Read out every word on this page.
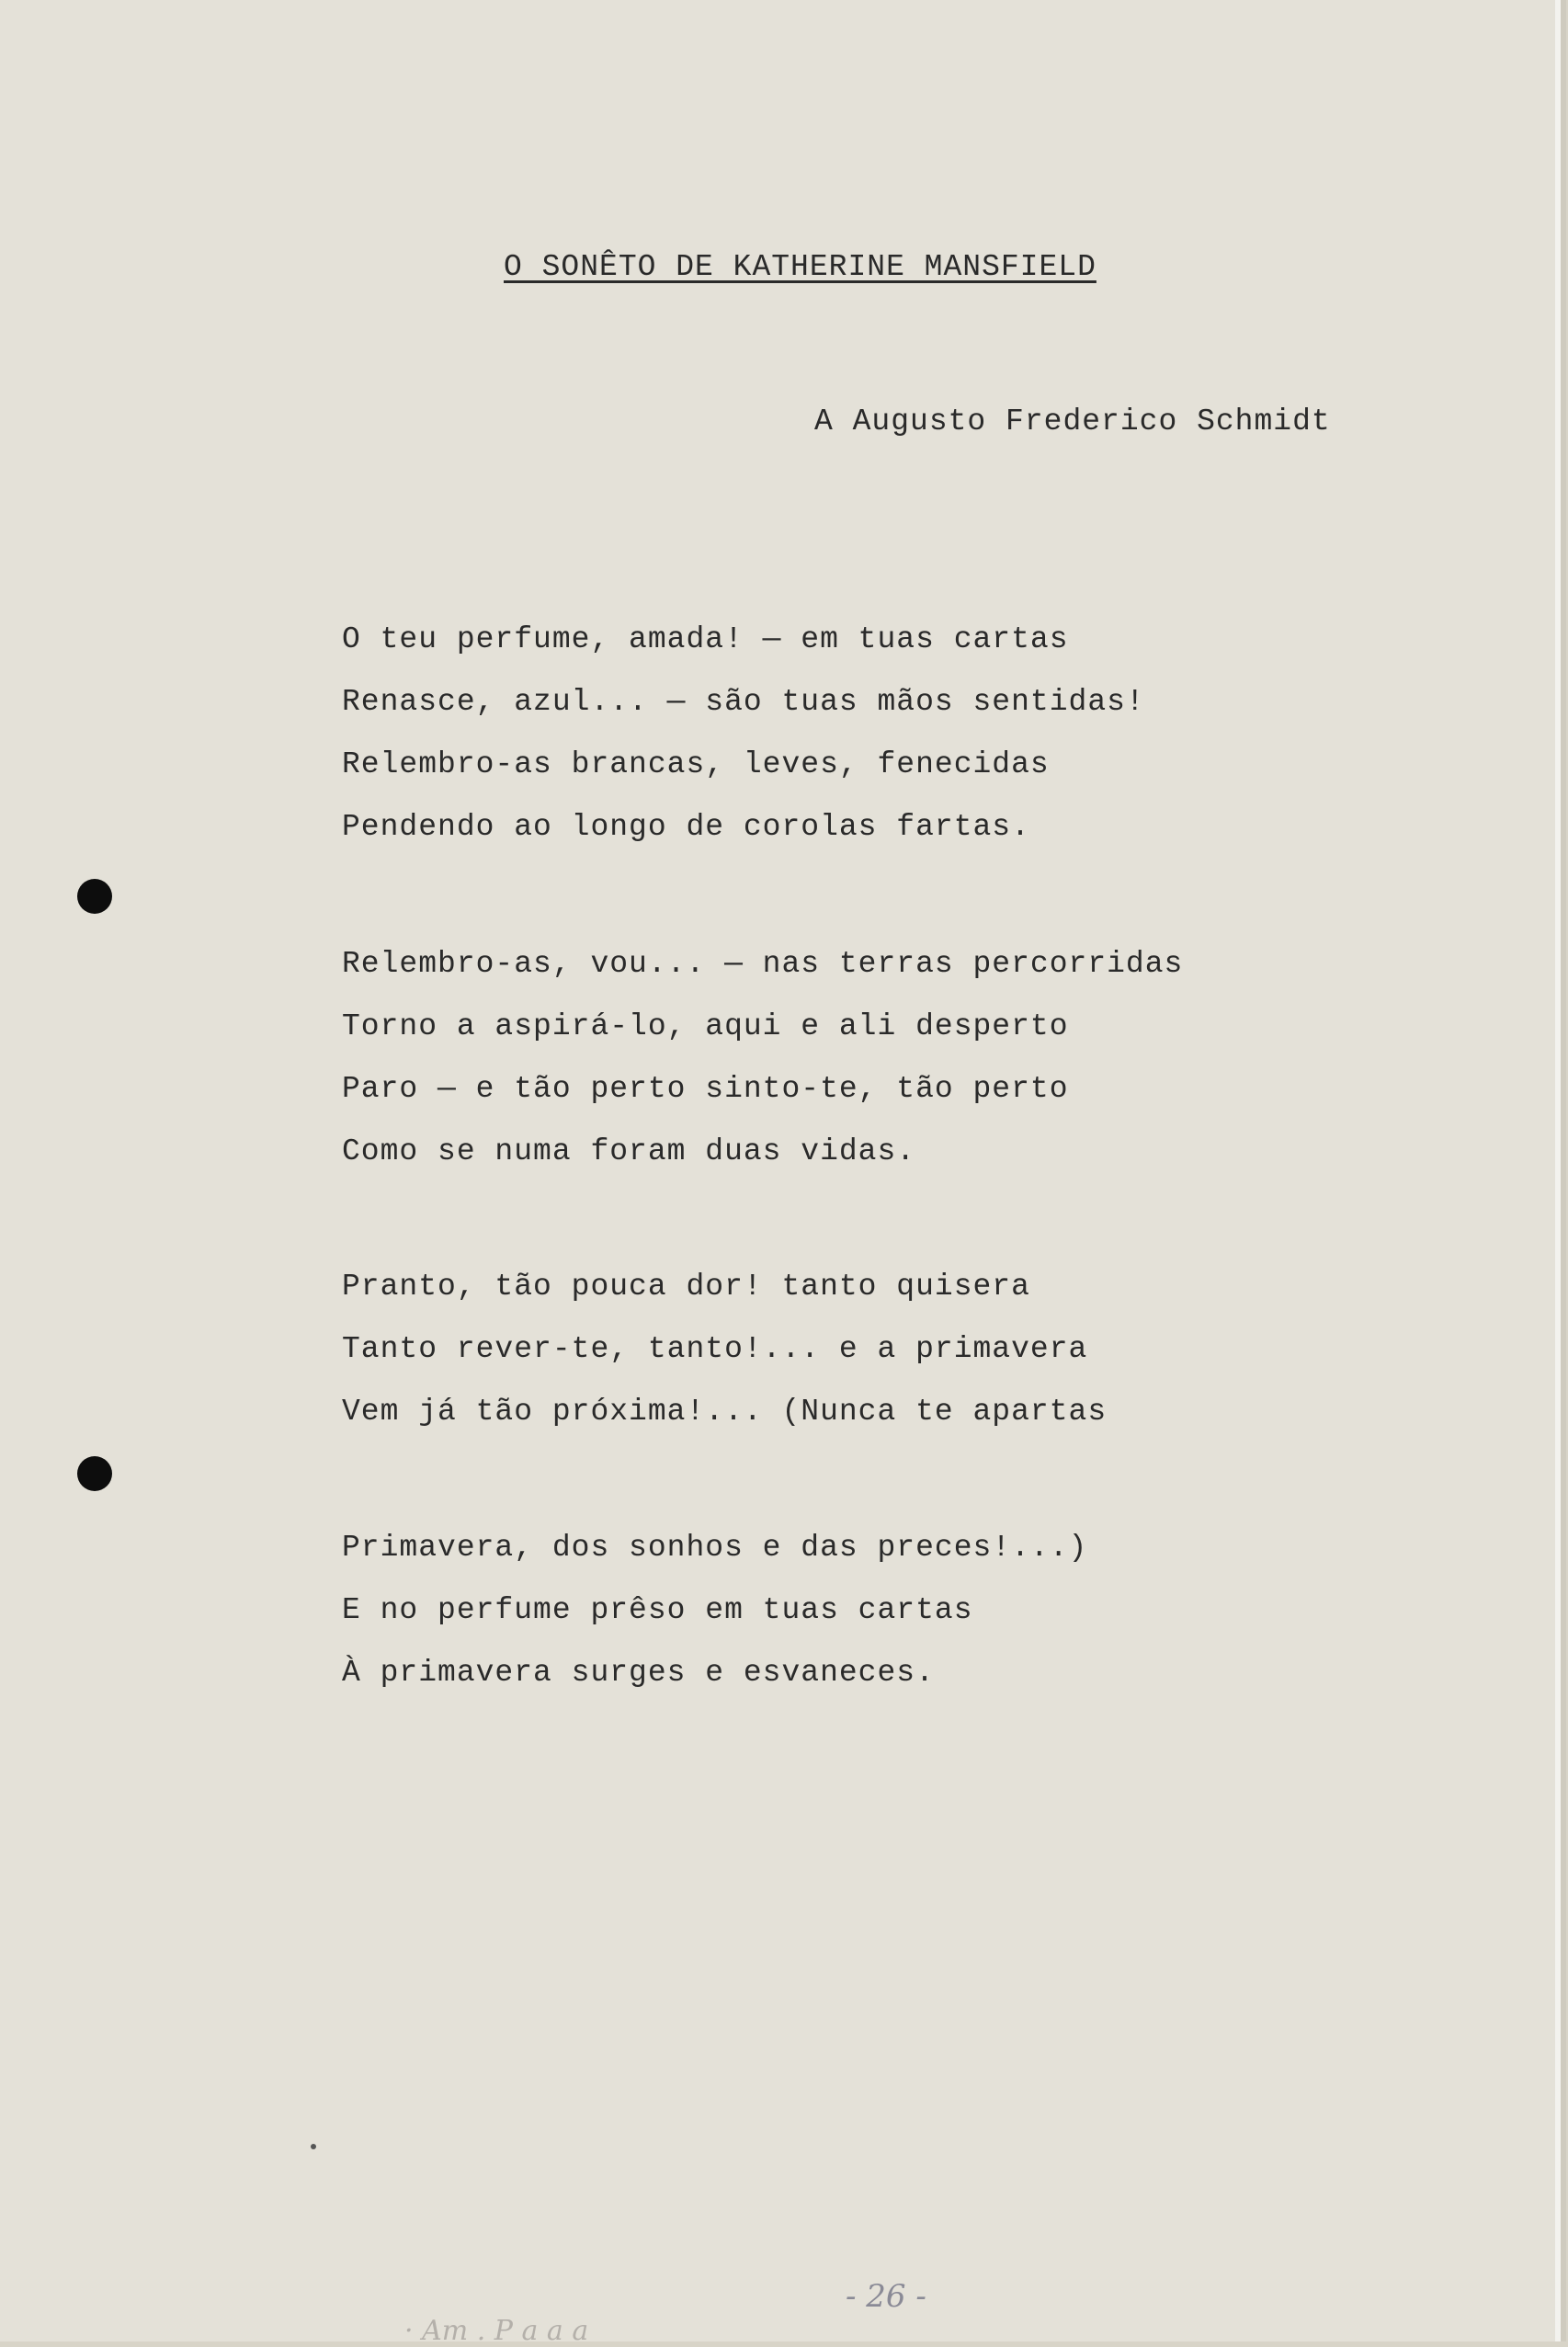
O SONÊTO DE KATHERINE MANSFIELD
A Augusto Frederico Schmidt
O teu perfume, amada! — em tuas cartas
Renasce, azul... — são tuas mãos sentidas!
Relembro-as brancas, leves, fenecidas
Pendendo ao longo de corolas fartas.
Relembro-as, vou... — nas terras percorridas
Torno a aspirá-lo, aqui e ali desperto
Paro — e tão perto sinto-te, tão perto
Como se numa foram duas vidas.
Pranto, tão pouca dor! tanto quisera
Tanto rever-te, tanto!... e a primavera
Vem já tão próxima!... (Nunca te apartas
Primavera, dos sonhos e das preces!...)
E no perfume prêso em tuas cartas
À primavera surges e esvaneces.
- 26 -
· Am . P a a a
